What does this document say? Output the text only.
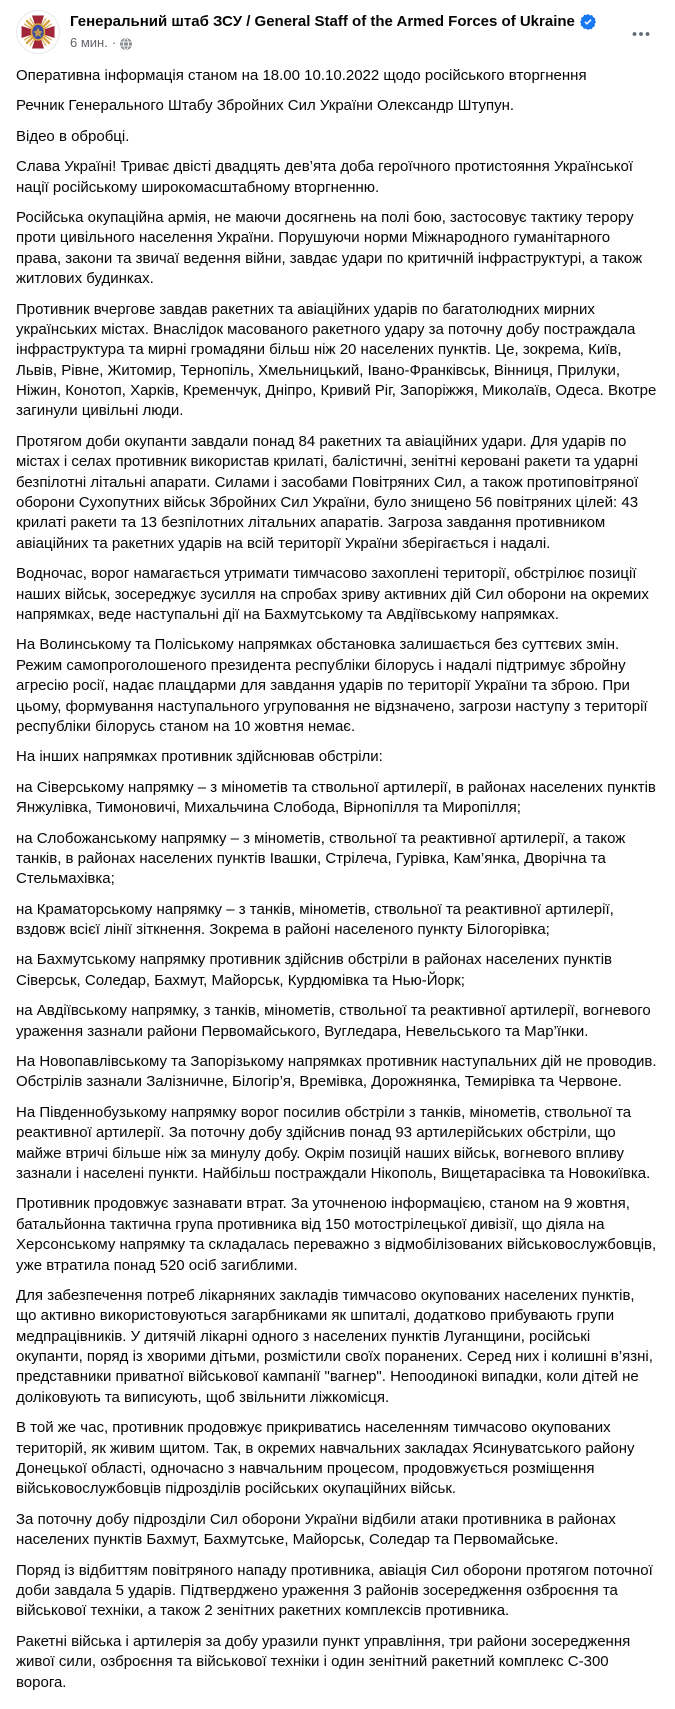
Генеральний штаб ЗСУ / General Staff of the Armed Forces of Ukraine
6 мин. ·

Оперативна інформація станом на 18.00 10.10.2022 щодо російського вторгнення

Речник Генерального Штабу Збройних Сил України Олександр Штупун.

Відео в обробці.

Слава Україні! Триває двісті двадцять дев’ята доба героїчного протистояння Української нації російському широкомасштабному вторгненню.

Російська окупаційна армія, не маючи досягнень на полі бою, застосовує тактику терору проти цивільного населення України. Порушуючи норми Міжнародного гуманітарного права, закони та звичаї ведення війни, завдає удари по критичній інфраструктурі, а також житлових будинках.

Противник вчергове завдав ракетних та авіаційних ударів по багатолюдних мирних українських містах. Внаслідок масованого ракетного удару за поточну добу постраждала інфраструктура та мирні громадяни більш ніж 20 населених пунктів. Це, зокрема, Київ, Львів, Рівне, Житомир, Тернопіль, Хмельницький, Івано-Франківськ, Вінниця, Прилуки, Ніжин, Конотоп, Харків, Кременчук, Дніпро, Кривий Ріг, Запоріжжя, Миколаїв, Одеса. Вкотре загинули цивільні люди.

Протягом доби окупанти завдали понад 84 ракетних та авіаційних удари. Для ударів по містах і селах противник використав крилаті, балістичні, зенітні керовані ракети та ударні безпілотні літальні апарати. Силами і засобами Повітряних Сил, а також протиповітряної оборони Сухопутних військ Збройних Сил України, було знищено 56 повітряних цілей: 43 крилаті ракети та 13 безпілотних літальних апаратів. Загроза завдання противником авіаційних та ракетних ударів на всій території України зберігається і надалі.

Водночас, ворог намагається утримати тимчасово захоплені території, обстрілює позиції наших військ, зосереджує зусилля на спробах зриву активних дій Сил оборони на окремих напрямках, веде наступальні дії на Бахмутському та Авдіївському напрямках.

На Волинському та Поліському напрямках обстановка залишається без суттєвих змін. Режим самопроголошеного президента республіки білорусь і надалі підтримує збройну агресію росії, надає плацдарми для завдання ударів по території України та зброю. При цьому, формування наступального угруповання не відзначено, загрози наступу з території республіки білорусь станом на 10 жовтня немає.

На інших напрямках противник здійснював обстріли:

на Сіверському напрямку – з мінометів та ствольної артилерії, в районах населених пунктів Янжулівка, Тимоновичі, Михальчина Слобода, Вірнопілля та Миропілля;

на Слобожанському напрямку – з мінометів, ствольної та реактивної артилерії, а також танків, в районах населених пунктів Івашки, Стрілеча, Гурівка, Кам’янка, Дворічна та Стельмахівка;

на Краматорському напрямку – з танків, мінометів, ствольної та реактивної артилерії, вздовж всієї лінії зіткнення. Зокрема в районі населеного пункту Білогорівка;

на Бахмутському напрямку противник здійснив обстріли в районах населених пунктів Сіверськ, Соледар, Бахмут, Майорськ, Курдюмівка та Нью-Йорк;

на Авдіївському напрямку, з танків, мінометів, ствольної та реактивної артилерії, вогневого ураження зазнали райони Первомайського, Вугледара, Невельського та Мар’їнки.

На Новопавлівському та Запорізькому напрямках противник наступальних дій не проводив. Обстрілів зазнали Залізничне, Білогір’я, Времівка, Дорожнянка, Темирівка та Червоне.

На Південнобузькому напрямку ворог посилив обстріли з танків, мінометів, ствольної та реактивної артилерії. За поточну добу здійснив понад 93 артилерійських обстріли, що майже втричі більше ніж за минулу добу. Окрім позицій наших військ, вогневого впливу зазнали і населені пункти. Найбільш постраждали Нікополь, Вищетарасівка та Новокиївка.

Противник продовжує зазнавати втрат. За уточненою інформацією, станом на 9 жовтня, батальйонна тактична група противника від 150 мотострілецької дивізії, що діяла на Херсонському напрямку та складалась переважно з відмобілізованих військовослужбовців, уже втратила понад 520 осіб загиблими.

Для забезпечення потреб лікарняних закладів тимчасово окупованих населених пунктів, що активно використовуються загарбниками як шпиталі, додатково прибувають групи медпрацівників. У дитячій лікарні одного з населених пунктів Луганщини, російські окупанти, поряд із хворими дітьми, розмістили своїх поранених. Серед них і колишні в’язні, представники приватної військової кампанії "вагнер". Непоодинокі випадки, коли дітей не доліковують та виписують, щоб звільнити ліжкомісця.

В той же час, противник продовжує прикриватись населенням тимчасово окупованих територій, як живим щитом. Так, в окремих навчальних закладах Ясинуватського району Донецької області, одночасно з навчальним процесом, продовжується розміщення військовослужбовців підрозділів російських окупаційних військ.

За поточну добу підрозділи Сил оборони України відбили атаки противника в районах населених пунктів Бахмут, Бахмутське, Майорськ, Соледар та Первомайське.

Поряд із відбиттям повітряного нападу противника, авіація Сил оборони протягом поточної доби завдала 5 ударів. Підтверджено ураження 3 районів зосередження озброєння та військової техніки, а також 2 зенітних ракетних комплексів противника.

Ракетні війська і артилерія за добу уразили пункт управління, три райони зосередження живої сили, озброєння та військової техніки і один зенітний ракетний комплекс С-300 ворога.
